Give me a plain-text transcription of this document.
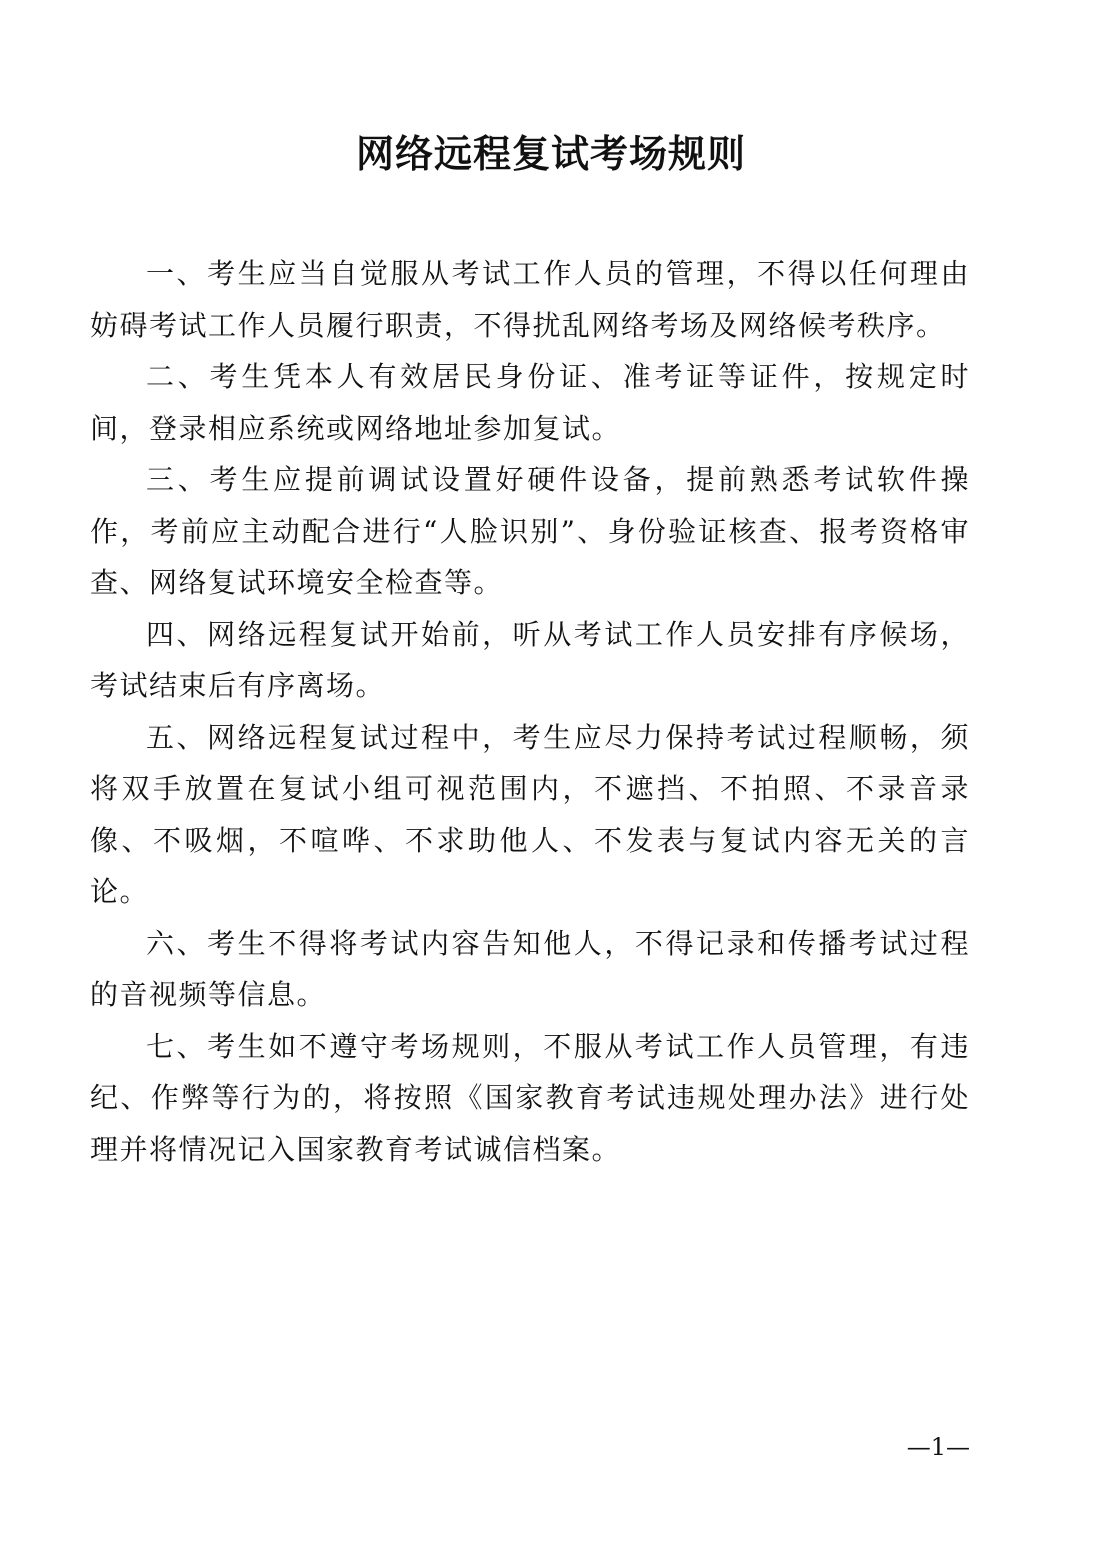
网络远程复试考场规则

一、考生应当自觉服从考试工作人员的管理，不得以任何理由妨碍考试工作人员履行职责，不得扰乱网络考场及网络候考秩序。

二、考生凭本人有效居民身份证、准考证等证件，按规定时间，登录相应系统或网络地址参加复试。

三、考生应提前调试设置好硬件设备，提前熟悉考试软件操作，考前应主动配合进行“人脸识别”、身份验证核查、报考资格审查、网络复试环境安全检查等。

四、网络远程复试开始前，听从考试工作人员安排有序候场，考试结束后有序离场。

五、网络远程复试过程中，考生应尽力保持考试过程顺畅，须将双手放置在复试小组可视范围内，不遮挡、不拍照、不录音录像、不吸烟，不喧哗、不求助他人、不发表与复试内容无关的言论。

六、考生不得将考试内容告知他人，不得记录和传播考试过程的音视频等信息。

七、考生如不遵守考场规则，不服从考试工作人员管理，有违纪、作弊等行为的，将按照《国家教育考试违规处理办法》进行处理并将情况记入国家教育考试诚信档案。

—1—
